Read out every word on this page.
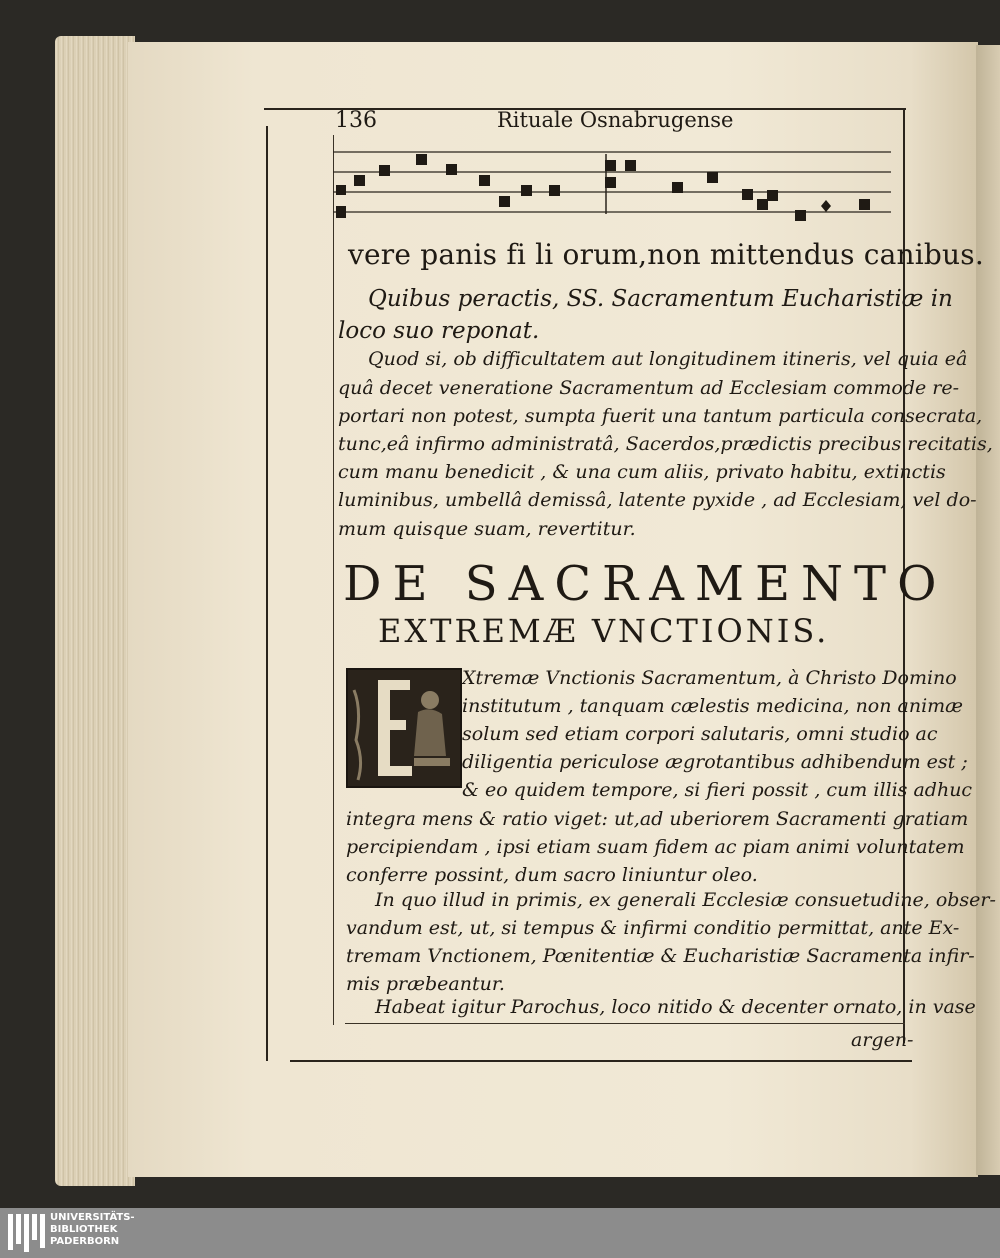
136	Rituale Osnabrugense
vere panis fi li orum,non mittendus canibus.
Quibus peractis, SS. Sacramentum Eucharistiæ in
loco suo reponat.
Quod si, ob difficultatem aut longitudinem itineris, vel quia eâ
quâ decet veneratione Sacramentum ad Ecclesiam commode re-
portari non potest, sumpta fuerit una tantum particula consecrata,
tunc,eâ infirmo administratâ, Sacerdos,prædictis precibus recitatis,
cum manu benedicit , & una cum aliis, privato habitu, extinctis
luminibus, umbellâ demissâ, latente pyxide , ad Ecclesiam, vel do-
mum quisque suam, revertitur.
DE SACRAMENTO
EXTREMÆ VNCTIONIS.
Xtremæ Vnctionis Sacramentum, à Christo Domino
institutum , tanquam cælestis medicina, non animæ
solum sed etiam corpori salutaris, omni studio ac
diligentia periculose ægrotantibus adhibendum est ;
& eo quidem tempore, si fieri possit , cum illis adhuc
integra mens & ratio viget: ut,ad uberiorem Sacramenti gratiam
percipiendam , ipsi etiam suam fidem ac piam animi voluntatem
conferre possint, dum sacro liniuntur oleo.
In quo illud in primis, ex generali Ecclesiæ consuetudine, obser-
vandum est, ut, si tempus & infirmi conditio permittat, ante Ex-
tremam Vnctionem, Pœnitentiæ & Eucharistiæ Sacramenta infir-
mis præbeantur.
Habeat igitur Parochus, loco nitido & decenter ornato, in vase
argen-
UNIVERSITÄTS-
BIBLIOTHEK
PADERBORN
